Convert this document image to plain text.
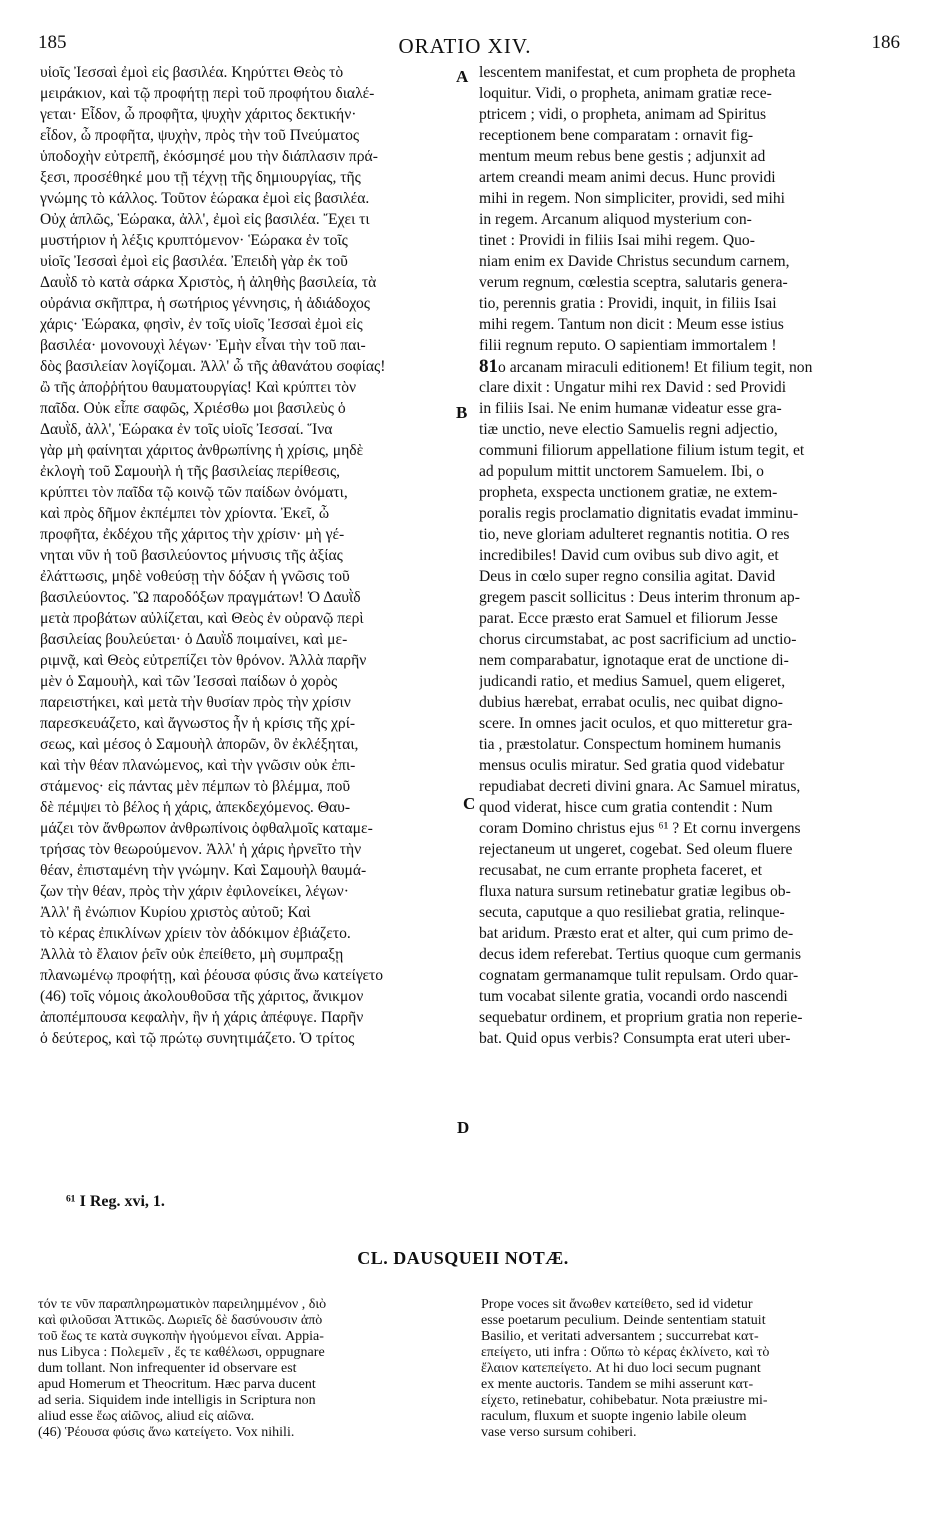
185	ORATIO XIV.	186
υἱοῖς Ἰεσσαὶ ἐμοὶ εἰς βασιλέα. Κηρύττει Θεὸς τὸ
μειράκιον, καὶ τῷ προφήτῃ περὶ τοῦ προφήτου διαλέ-
γεται· Εἶδον, ὦ προφῆτα, ψυχὴν χάριτος δεκτικήν·
εἶδον, ὦ προφῆτα, ψυχὴν, πρὸς τὴν τοῦ Πνεύματος
ὑποδοχὴν εὐτρεπῆ, ἐκόσμησέ μου τὴν διάπλασιν πρά-
ξεσι, προσέθηκέ μου τῇ τέχνῃ τῆς δημιουργίας, τῆς
γνώμης τὸ κάλλος. Τοῦτον ἑώρακα ἐμοὶ εἰς βασιλέα.
Οὐχ ἁπλῶς, Ἑώρακα, ἀλλ', ἐμοὶ εἰς βασιλέα. Ἔχει τι
μυστήριον ἡ λέξις κρυπτόμενον· Ἑώρακα ἐν τοῖς
υἱοῖς Ἰεσσαὶ ἐμοὶ εἰς βασιλέα. Ἐπειδὴ γὰρ ἐκ τοῦ
Δαυῒδ τὸ κατὰ σάρκα Χριστὸς, ἡ ἀληθὴς βασιλεία, τὰ
οὐράνια σκῆπτρα, ἡ σωτήριος γέννησις, ἡ ἀδιάδοχος
χάρις· Ἑώρακα, φησὶν, ἐν τοῖς υἱοῖς Ἰεσσαὶ ἐμοὶ εἰς
βασιλέα· μονονουχὶ λέγων· Ἐμὴν εἶναι τὴν τοῦ παι-
δὸς βασιλείαν λογίζομαι. Ἀλλ' ὦ τῆς ἀθανάτου σοφίας!
ὢ τῆς ἀποῤῥήτου θαυματουργίας! Καὶ κρύπτει τὸν
παῖδα. Οὐκ εἶπε σαφῶς, Χριέσθω μοι βασιλεὺς ὁ
Δαυῒδ, ἀλλ', Ἑώρακα ἐν τοῖς υἱοῖς Ἰεσσαί. Ἵνα
γὰρ μὴ φαίνηται χάριτος ἀνθρωπίνης ἡ χρίσις, μηδὲ
ἐκλογὴ τοῦ Σαμουὴλ ἡ τῆς βασιλείας περίθεσις,
κρύπτει τὸν παῖδα τῷ κοινῷ τῶν παίδων ὀνόματι,
καὶ πρὸς δῆμον ἐκπέμπει τὸν χρίοντα. Ἐκεῖ, ὦ
προφῆτα, ἐκδέχου τῆς χάριτος τὴν χρίσιν· μὴ γέ-
νηται νῦν ἡ τοῦ βασιλεύοντος μήνυσις τῆς ἀξίας
ἐλάττωσις, μηδὲ νοθεύσῃ τὴν δόξαν ἡ γνῶσις τοῦ
βασιλεύοντος. Ὢ παροδόξων πραγμάτων! Ὁ Δαυῒδ
μετὰ προβάτων αὐλίζεται, καὶ Θεὸς ἐν οὐρανῷ περὶ
βασιλείας βουλεύεται· ὁ Δαυῒδ ποιμαίνει, καὶ με-
ριμνᾷ, καὶ Θεὸς εὐτρεπίζει τὸν θρόνον. Ἀλλὰ παρῆν
μὲν ὁ Σαμουὴλ, καὶ τῶν Ἰεσσαὶ παίδων ὁ χορὸς
παρειστήκει, καὶ μετὰ τὴν θυσίαν πρὸς τὴν χρίσιν
παρεσκευάζετο, καὶ ἄγνωστος ἦν ἡ κρίσις τῆς χρί-
σεως, καὶ μέσος ὁ Σαμουὴλ ἀπορῶν, ὃν ἐκλέξηται,
καὶ τὴν θέαν πλανώμενος, καὶ τὴν γνῶσιν οὐκ ἐπι-
στάμενος· εἰς πάντας μὲν πέμπων τὸ βλέμμα, ποῦ
δὲ πέμψει τὸ βέλος ἡ χάρις, ἀπεκδεχόμενος. Θαυ-
μάζει τὸν ἄνθρωπον ἀνθρωπίνοις ὀφθαλμοῖς καταμε-
τρήσας τὸν θεωρούμενον. Ἀλλ' ἡ χάρις ἠρνεῖτο τὴν
θέαν, ἐπισταμένη τὴν γνώμην. Καὶ Σαμουὴλ θαυμά-
ζων τὴν θέαν, πρὸς τὴν χάριν ἐφιλονείκει, λέγων·
Ἀλλ' ἢ ἐνώπιον Κυρίου χριστὸς αὐτοῦ; Καὶ
τὸ κέρας ἐπικλίνων χρίειν τὸν ἀδόκιμον ἐβιάζετο.
Ἀλλὰ τὸ ἔλαιον ῥεῖν οὐκ ἐπείθετο, μὴ συμπραξῃ
πλανωμένῳ προφήτῃ, καὶ ῥέουσα φύσις ἄνω κατείγετο
(46) τοῖς νόμοις ἀκολουθοῦσα τῆς χάριτος, ἄνικμον
ἀποπέμπουσα κεφαλὴν, ἣν ἡ χάρις ἀπέφυγε. Παρῆν
ὁ δεύτερος, καὶ τῷ πρώτῳ συνητιμάζετο. Ὁ τρίτος
lescentem manifestat, et cum propheta de propheta
loquitur. Vidi, o propheta, animam gratiæ rece-
ptricem ; vidi, o propheta, animam ad Spiritus
receptionem bene comparatam : ornavit fig-
mentum meum rebus bene gestis ; adjunxit ad
artem creandi meam animi decus. Hunc providi
mihi in regem. Non simpliciter, providi, sed mihi
in regem. Arcanum aliquod mysterium con-
tinet : Providi in filiis Isai mihi regem. Quo-
niam enim ex Davide Christus secundum carnem,
verum regnum, cœlestia sceptra, salutaris genera-
tio, perennis gratia : Providi, inquit, in filiis Isai
mihi regem. Tantum non dicit : Meum esse istius
filii regnum reputo. O sapientiam immortalem !
81o arcanam miraculi editionem! Et filium tegit, non
clare dixit : Ungatur mihi rex David : sed Providi
in filiis Isai. Ne enim humanæ videatur esse gra-
tiæ unctio, neve electio Samuelis regni adjectio,
communi filiorum appellatione filium istum tegit, et
ad populum mittit unctorem Samuelem. Ibi, o
propheta, exspecta unctionem gratiæ, ne extem-
poralis regis proclamatio dignitatis evadat imminu-
tio, neve gloriam adulteret regnantis notitia. O res
incredibiles! David cum ovibus sub divo agit, et
Deus in cœlo super regno consilia agitat. David
gregem pascit sollicitus : Deus interim thronum ap-
parat. Ecce præsto erat Samuel et filiorum Jesse
chorus circumstabat, ac post sacrificium ad unctio-
nem comparabatur, ignotaque erat de unctione di-
judicandi ratio, et medius Samuel, quem eligeret,
dubius hærebat, errabat oculis, nec quibat digno-
scere. In omnes jacit oculos, et quo mitteretur gra-
tia , præstolatur. Conspectum hominem humanis
mensus oculis miratur. Sed gratia quod videbatur
repudiabat decreti divini gnara. Ac Samuel miratus,
quod viderat, hisce cum gratia contendit : Num
coram Domino christus ejus ⁶¹ ? Et cornu invergens
rejectaneum ut ungeret, cogebat. Sed oleum fluere
recusabat, ne cum errante propheta faceret, et
fluxa natura sursum retinebatur gratiæ legibus ob-
secuta, caputque a quo resiliebat gratia, relinque-
bat aridum. Præsto erat et alter, qui cum primo de-
decus idem referebat. Tertius quoque cum germanis
cognatam germanamque tulit repulsam. Ordo quar-
tum vocabat silente gratia, vocandi ordo nascendi
sequebatur ordinem, et proprium gratia non reperie-
bat. Quid opus verbis? Consumpta erat uteri uber-
A
B
C
D
⁶¹ I Reg. xvi, 1.
CL. DAUSQUEII NOTÆ.
τόν τε νῦν παραπληρωματικὸν παρειλημμένον , διὸ
καὶ φιλοῦσαι Ἀττικῶς. Δωριεῖς δὲ δασύνουσιν ἀπὸ
τοῦ ἕως τε κατὰ συγκοπὴν ἡγούμενοι εἶναι. Appia-
nus Libyca : Πολεμεῖν , ἕς τε καθέλωσι, oppugnare
dum tollant. Non infrequenter id observare est
apud Homerum et Theocritum. Hæc parva ducent
ad seria. Siquidem inde intelligis in Scriptura non
aliud esse ἕως αἰῶνος, aliud εἰς αἰῶνα.
(46) Ῥέουσα φύσις ἄνω κατείγετο. Vox nihili.
Prope voces sit ἄνωθεν κατείθετο, sed id videtur
esse poetarum peculium. Deinde sententiam statuit
Basilio, et veritati adversantem ; succurrebat κατ-
επείγετο, uti infra : Οὔπω τὸ κέρας ἐκλίνετο, καὶ τὸ
ἔλαιον κατεπείγετο. At hi duo loci secum pugnant
ex mente auctoris. Tandem se mihi asserunt κατ-
είχετο, retinebatur, cohibebatur. Nota præiustre mi-
raculum, fluxum et suopte ingenio labile oleum
vase verso sursum cohiberi.
